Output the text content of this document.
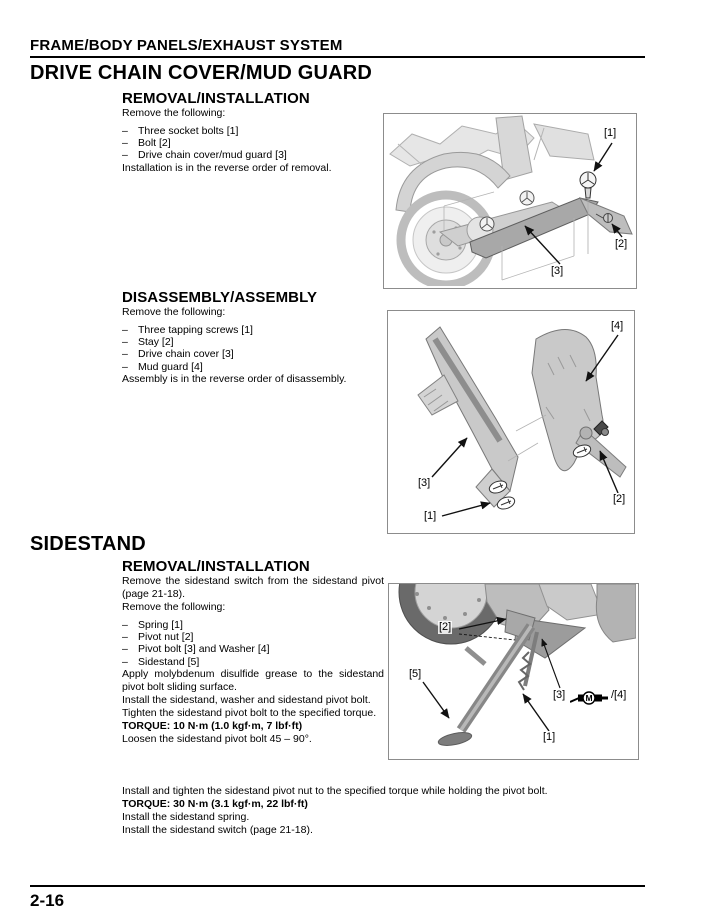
FRAME/BODY PANELS/EXHAUST SYSTEM
DRIVE CHAIN COVER/MUD GUARD
REMOVAL/INSTALLATION

Remove the following:

– Three socket bolts [1]
– Bolt [2]
– Drive chain cover/mud guard [3]

Installation is in the reverse order of removal.

[1]
[2]
[3]
DISASSEMBLY/ASSEMBLY

Remove the following:

– Three tapping screws [1]
– Stay [2]
– Drive chain cover [3]
– Mud guard [4]

Assembly is in the reverse order of disassembly.

[4]
[3]
[1]
[2]
SIDESTAND
REMOVAL/INSTALLATION

Remove the sidestand switch from the sidestand pivot (page 21-18).

Remove the following:

– Spring [1]
– Pivot nut [2]
– Pivot bolt [3] and Washer [4]
– Sidestand [5]

Apply molybdenum disulfide grease to the sidestand pivot bolt sliding surface.

Install the sidestand, washer and sidestand pivot bolt.

Tighten the sidestand pivot bolt to the specified torque.

TORQUE: 10 N·m (1.0 kgf·m, 7 lbf·ft)

Loosen the sidestand pivot bolt 45 – 90°.

Install and tighten the sidestand pivot nut to the specified torque while holding the pivot bolt.

TORQUE: 30 N·m (3.1 kgf·m, 22 lbf·ft)

Install the sidestand spring.

Install the sidestand switch (page 21-18).

[2]
[5]
[3] M /[4]
[1]
2-16
